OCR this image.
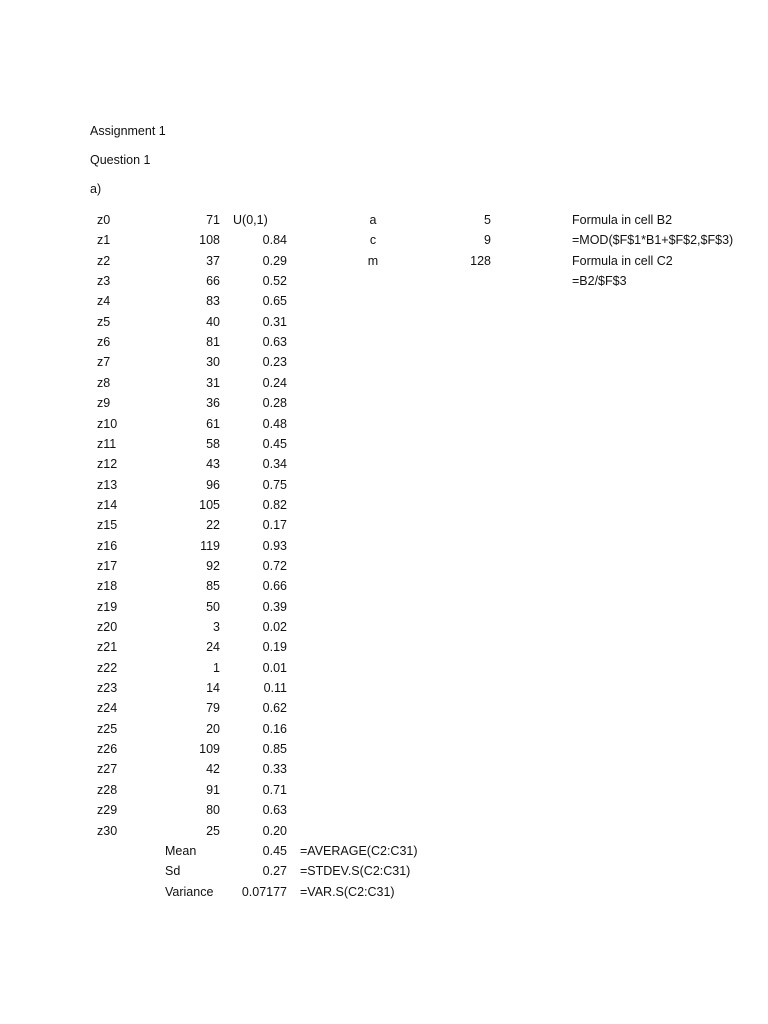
Assignment 1
Question 1
a)
U(0,1)
z0	71
z1	108	0.84
z2	37	0.29
z3	66	0.52
z4	83	0.65
z5	40	0.31
z6	81	0.63
z7	30	0.23
z8	31	0.24
z9	36	0.28
z10	61	0.48
z11	58	0.45
z12	43	0.34
z13	96	0.75
z14	105	0.82
z15	22	0.17
z16	119	0.93
z17	92	0.72
z18	85	0.66
z19	50	0.39
z20	3	0.02
z21	24	0.19
z22	1	0.01
z23	14	0.11
z24	79	0.62
z25	20	0.16
z26	109	0.85
z27	42	0.33
z28	91	0.71
z29	80	0.63
z30	25	0.20
a	5
c	9
m	128
Formula in cell B2
=MOD($F$1*B1+$F$2,$F$3)
Formula in cell C2
=B2/$F$3
Mean	0.45 =AVERAGE(C2:C31)
Sd	0.27 =STDEV.S(C2:C31)
Variance	0.07177 =VAR.S(C2:C31)
